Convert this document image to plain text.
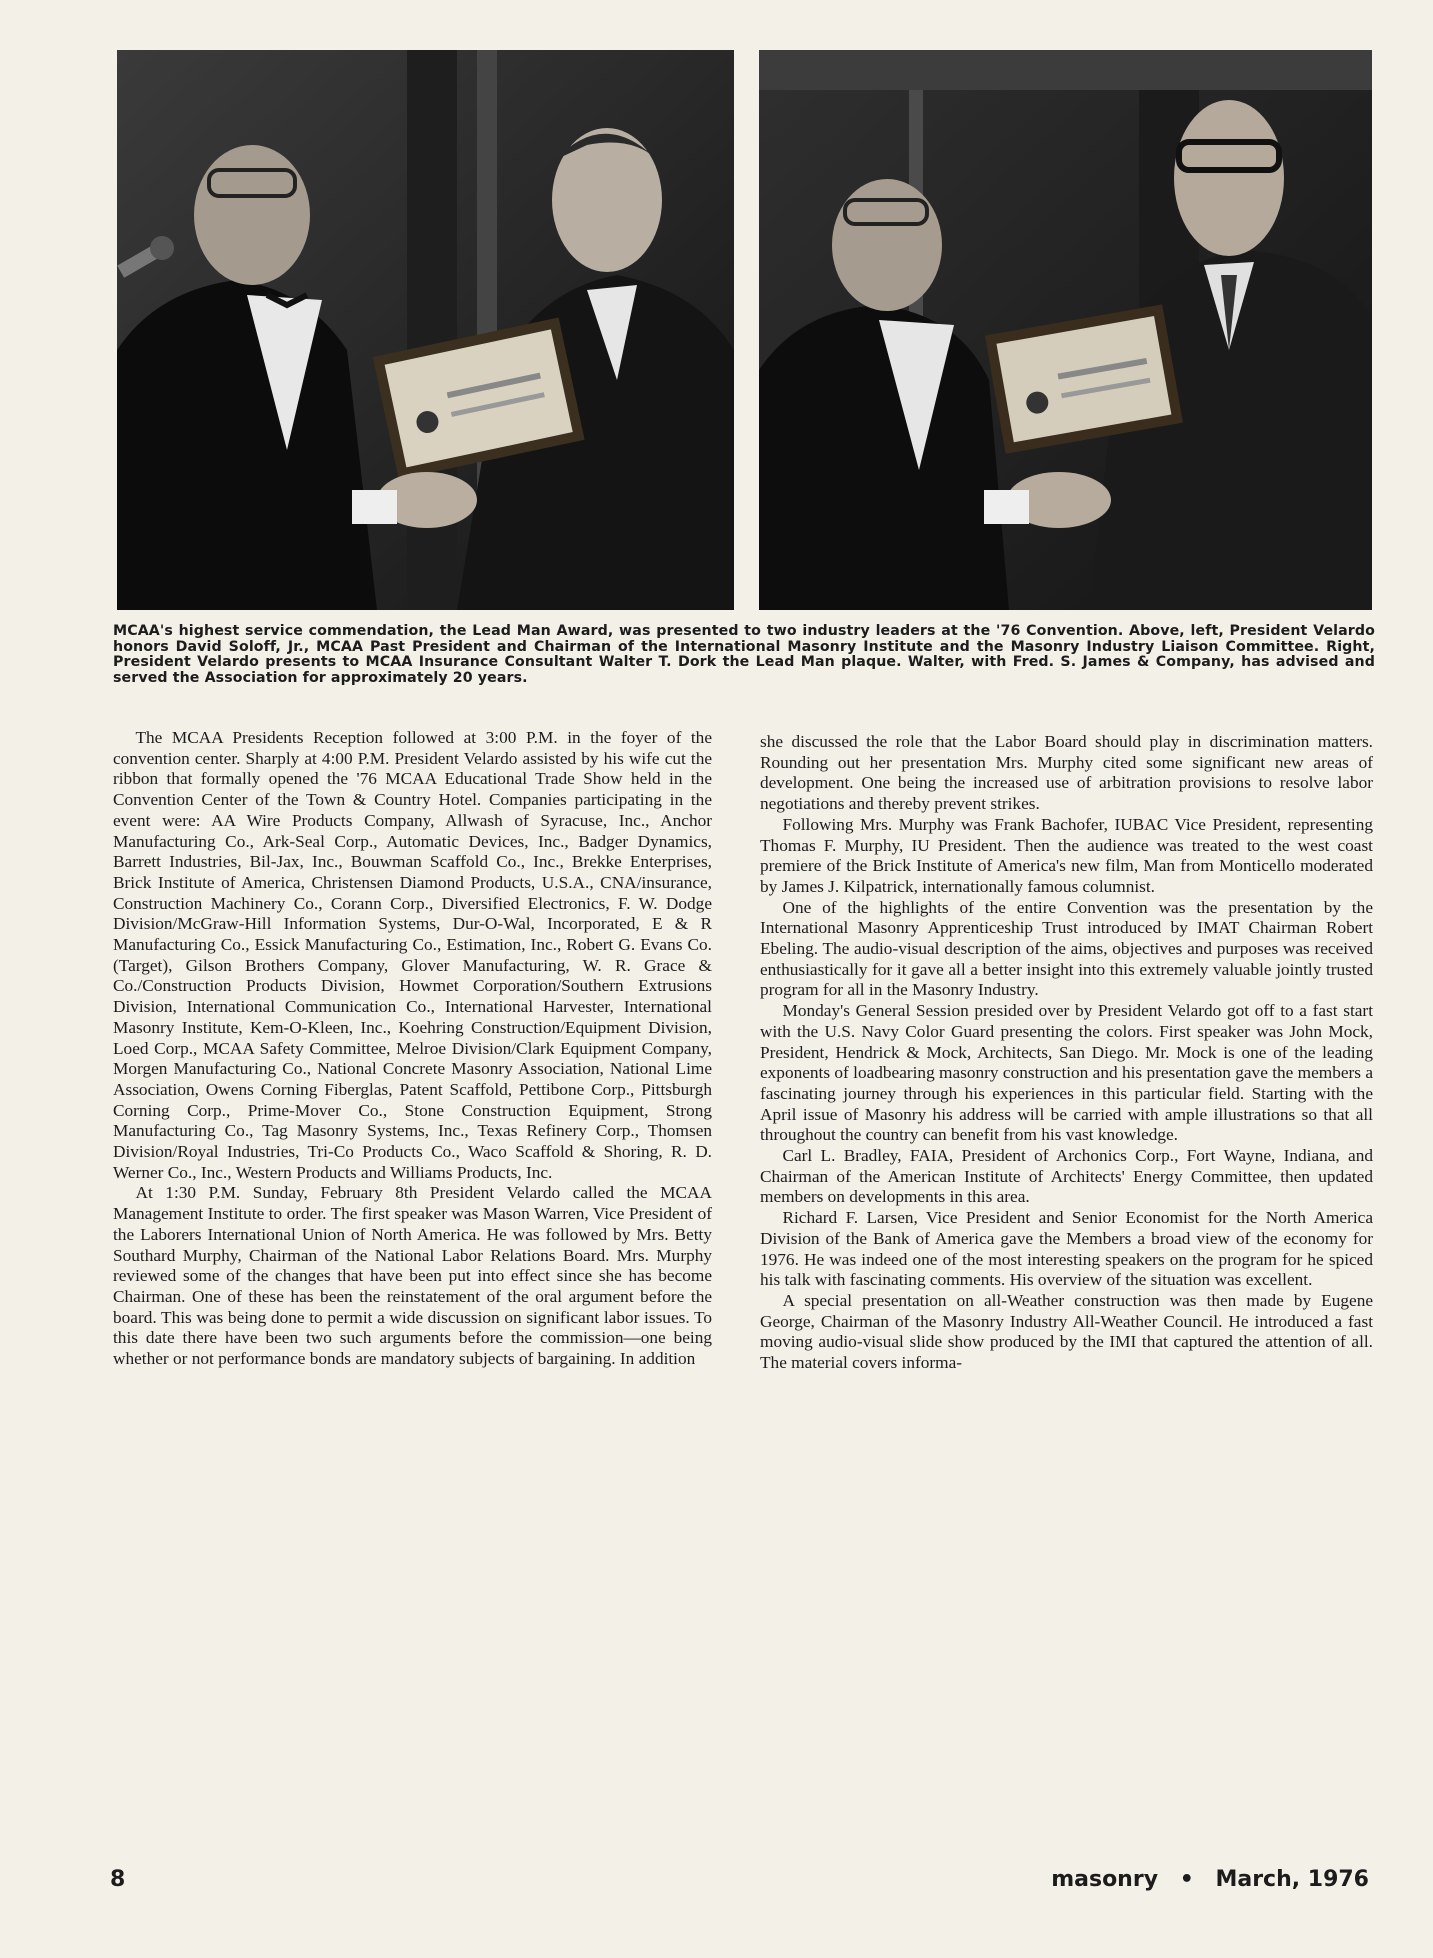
MCAA's highest service commendation, the Lead Man Award, was presented to two industry leaders at the '76 Convention. Above, left, President Velardo honors David Soloff, Jr., MCAA Past President and Chairman of the International Masonry Institute and the Masonry Industry Liaison Committee. Right, President Velardo presents to MCAA Insurance Consultant Walter T. Dork the Lead Man plaque. Walter, with Fred. S. James & Company, has advised and served the Association for approximately 20 years.

The MCAA Presidents Reception followed at 3:00 P.M. in the foyer of the convention center. Sharply at 4:00 P.M. President Velardo assisted by his wife cut the ribbon that formally opened the '76 MCAA Educational Trade Show held in the Convention Center of the Town & Country Hotel. Companies participating in the event were: AA Wire Products Company, Allwash of Syracuse, Inc., Anchor Manufacturing Co., Ark-Seal Corp., Automatic Devices, Inc., Badger Dynamics, Barrett Industries, Bil-Jax, Inc., Bouwman Scaffold Co., Inc., Brekke Enterprises, Brick Institute of America, Christensen Diamond Products, U.S.A., CNA/insurance, Construction Machinery Co., Corann Corp., Diversified Electronics, F. W. Dodge Division/McGraw-Hill Information Systems, Dur-O-Wal, Incorporated, E & R Manufacturing Co., Essick Manufacturing Co., Estimation, Inc., Robert G. Evans Co. (Target), Gilson Brothers Company, Glover Manufacturing, W. R. Grace & Co./Construction Products Division, Howmet Corporation/Southern Extrusions Division, International Communication Co., International Harvester, International Masonry Institute, Kem-O-Kleen, Inc., Koehring Construction/Equipment Division, Loed Corp., MCAA Safety Committee, Melroe Division/Clark Equipment Company, Morgen Manufacturing Co., National Concrete Masonry Association, National Lime Association, Owens Corning Fiberglas, Patent Scaffold, Pettibone Corp., Pittsburgh Corning Corp., Prime-Mover Co., Stone Construction Equipment, Strong Manufacturing Co., Tag Masonry Systems, Inc., Texas Refinery Corp., Thomsen Division/Royal Industries, Tri-Co Products Co., Waco Scaffold & Shoring, R. D. Werner Co., Inc., Western Products and Williams Products, Inc.

At 1:30 P.M. Sunday, February 8th President Velardo called the MCAA Management Institute to order. The first speaker was Mason Warren, Vice President of the Laborers International Union of North America. He was followed by Mrs. Betty Southard Murphy, Chairman of the National Labor Relations Board. Mrs. Murphy reviewed some of the changes that have been put into effect since she has become Chairman. One of these has been the reinstatement of the oral argument before the board. This was being done to permit a wide discussion on significant labor issues. To this date there have been two such arguments before the commission—one being whether or not performance bonds are mandatory subjects of bargaining. In addition

she discussed the role that the Labor Board should play in discrimination matters. Rounding out her presentation Mrs. Murphy cited some significant new areas of development. One being the increased use of arbitration provisions to resolve labor negotiations and thereby prevent strikes.

Following Mrs. Murphy was Frank Bachofer, IUBAC Vice President, representing Thomas F. Murphy, IU President. Then the audience was treated to the west coast premiere of the Brick Institute of America's new film, Man from Monticello moderated by James J. Kilpatrick, internationally famous columnist.

One of the highlights of the entire Convention was the presentation by the International Masonry Apprenticeship Trust introduced by IMAT Chairman Robert Ebeling. The audio-visual description of the aims, objectives and purposes was received enthusiastically for it gave all a better insight into this extremely valuable jointly trusted program for all in the Masonry Industry.

Monday's General Session presided over by President Velardo got off to a fast start with the U.S. Navy Color Guard presenting the colors. First speaker was John Mock, President, Hendrick & Mock, Architects, San Diego. Mr. Mock is one of the leading exponents of loadbearing masonry construction and his presentation gave the members a fascinating journey through his experiences in this particular field. Starting with the April issue of Masonry his address will be carried with ample illustrations so that all throughout the country can benefit from his vast knowledge.

Carl L. Bradley, FAIA, President of Archonics Corp., Fort Wayne, Indiana, and Chairman of the American Institute of Architects' Energy Committee, then updated members on developments in this area.

Richard F. Larsen, Vice President and Senior Economist for the North America Division of the Bank of America gave the Members a broad view of the economy for 1976. He was indeed one of the most interesting speakers on the program for he spiced his talk with fascinating comments. His overview of the situation was excellent.

A special presentation on all-Weather construction was then made by Eugene George, Chairman of the Masonry Industry All-Weather Council. He introduced a fast moving audio-visual slide show produced by the IMI that captured the attention of all. The material covers informa-

8	masonry • March, 1976
